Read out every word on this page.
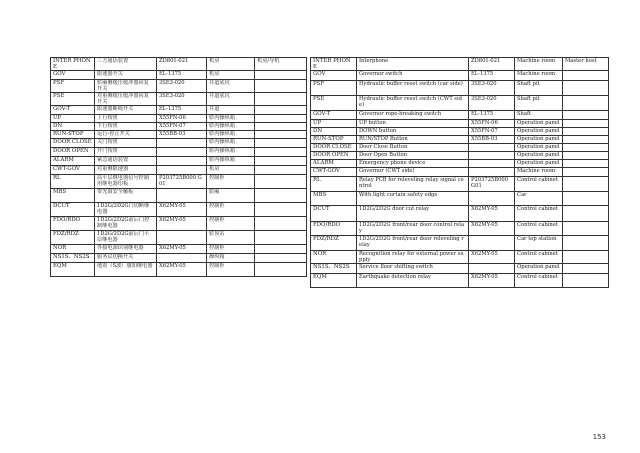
INTER PHONE	三方通话装置	ZD801-021	机房	机房/导机
GOV	限速器开关	EL-1375	机房	
PSF	轿厢侧缓压缓冲器回复开关	3SE3-020	井道底坑	
PSE	对重侧缓压缓冲器回复开关	3SE3-020	井道底坑	
GOV-T	限速器断绳开关	EL-1375	井道	
UP	上行按钮	X55FN-06	轿内操纵箱	
DN	下行按钮	X55FN-07	轿内操纵箱	
RUN-STOP	运行-停止开关	X55BB-03	轿内操纵箱	
DOOR CLOSE	关门按钮		轿内操纵箱	
DOOR OPEN	开门按钮		轿内操纵箱	
ALARM	紧急通话装置		轿内操纵箱	
CWT-GOV	对重侧限速器		机房	
RL	高平层继电器信号控制用继电器印板	P203725B000 G01	控制柜	
MBS	带光幕安全触板		轿厢	
DCUT	1D2G/2D2G门切断继电器	X62MY-05	控制柜	
FDO/RDO	1D2G/2D2G前后门控制继电器	X62MY-05	控制柜	
FDZ/RDZ	1D2G/2D2G前后门平层继电器		轿顶站	
NOR	外接电源识别继电器	X62MY-05	控制柜	
NS1S、NS2S	服务层切换开关		操纵箱	
EQM	地震（S波）感知继电器	X62MY-05	控制柜	
INTER PHONE	Interphone	ZD801-021	Machine room	Master host
GOV	Governor switch	EL-1375	Machine room	
PSF	Hydraulic buffer reset switch (car side)	3SE3-020	Shaft pit	
PSE	Hydraulic buffer reset switch (CWT side)	3SE3-020	Shaft pit	
GOV-T	Governor rope-breaking switch	EL-1375	Shaft	
UP	UP button	X55FN-06	Operation panel	
DN	DOWN button	X55FN-07	Operation panel	
RUN-STOP	RUN/STOP Button	X55BB-03	Operation panel	
DOOR CLOSE	Door Close Button		Operation panel	
DOOR OPEN	Door Open Button		Operation panel	
ALARM	Emergency phone device		Operation panel	
CWT-GOV	Governor (CWT side)		Machine room	
RL	Relay PCB for releveling relay signal control	P203725B000 G01	Control cabinet	
MBS	With light curtain safety edge		Car	
DCUT	1D2G/2D2G door cut relay	X62MY-05	Control cabinet	
FDO/RDO	1D2G/2D2G front/rear door control relay	X62MY-05	Control cabinet	
FDZ/RDZ	1D2G/2D2G front/rear door releveling relay		Car top station	
NOR	Recognition relay for external power supply	X62MY-05	Control cabinet	
NS1S、NS2S	Service floor shifting switch		Operation panel	
EQM	Earthquake detection relay	X62MY-05	Control cabinet	
153
